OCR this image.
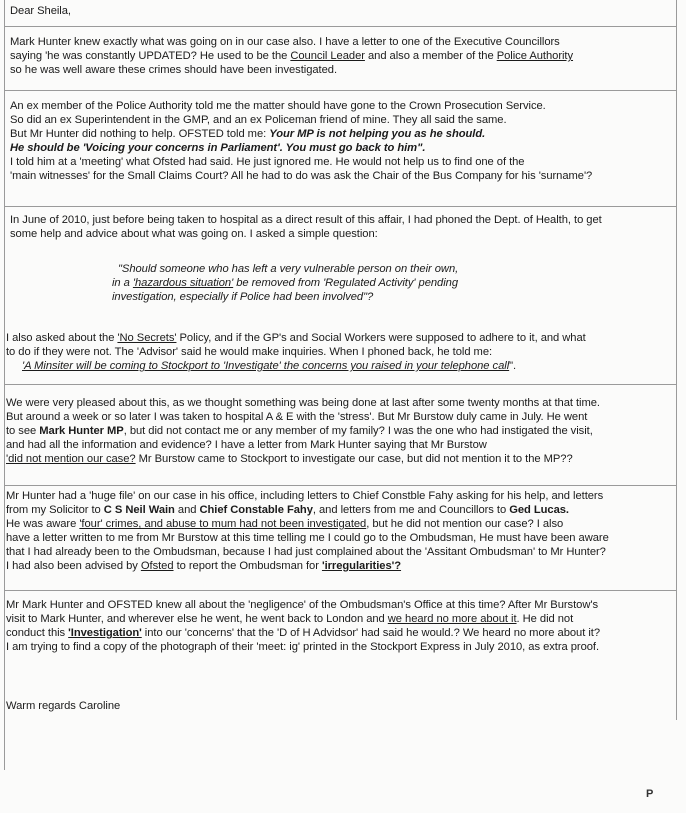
Dear Sheila,
Mark Hunter knew exactly what was going on in our case also. I have a letter to one of the Executive Councillors
saying 'he was constantly UPDATED? He used to be the Council Leader and also a member of the Police Authority
so he was well aware these crimes should have been investigated.
An ex member of the Police Authority told me the matter should have gone to the Crown Prosecution Service.
So did an ex Superintendent in the GMP, and an ex Policeman friend of mine. They all said the same.
But Mr Hunter did nothing to help. OFSTED told me: Your MP is not helping you as he should.
He should be 'Voicing your concerns in Parliament'. You must go back to him".
I told him at a 'meeting' what Ofsted had said. He just ignored me. He would not help us to find one of the
'main witnesses' for the Small Claims Court? All he had to do was ask the Chair of the Bus Company for his 'surname'?
In June of 2010, just before being taken to hospital as a direct result of this affair, I had phoned the Dept. of Health, to get
some help and advice about what was going on. I asked a simple question:
"Should someone who has left a very vulnerable person on their own,
in a 'hazardous situation' be removed from 'Regulated Activity' pending
investigation, especially if Police had been involved"?
I also asked about the 'No Secrets' Policy, and if the GP's and Social Workers were supposed to adhere to it, and what
to do if they were not. The 'Advisor' said he would make inquiries. When I phoned back, he told me:
'A Minsiter will be coming to Stockport to 'Investigate' the concerns you raised in your telephone call".
We were very pleased about this, as we thought something was being done at last after some twenty months at that time.
But around a week or so later I was taken to hospital A & E with the 'stress'. But Mr Burstow duly came in July. He went
to see Mark Hunter MP, but did not contact me or any member of my family? I was the one who had instigated the visit,
and had all the information and evidence? I have a letter from Mark Hunter saying that Mr Burstow
'did not mention our case? Mr Burstow came to Stockport to investigate our case, but did not mention it to the MP??
Mr Hunter had a 'huge file' on our case in his office, including letters to Chief Constble Fahy asking for his help, and letters
from my Solicitor to C S Neil Wain and Chief Constable Fahy, and letters from me and Councillors to Ged Lucas.
He was aware 'four' crimes, and abuse to mum had not been investigated, but he did not mention our case? I also
have a letter written to me from Mr Burstow at this time telling me I could go to the Ombudsman, He must have been aware
that I had already been to the Ombudsman, because I had just complained about the 'Assitant Ombudsman' to Mr Hunter?
I had also been advised by Ofsted to report the Ombudsman for 'irregularities'?
Mr Mark Hunter and OFSTED knew all about the 'negligence' of the Ombudsman's Office at this time? After Mr Burstow's
visit to Mark Hunter, and wherever else he went, he went back to London and we heard no more about it. He did not
conduct this 'Investigation' into our 'concerns' that the 'D of H Advidsor' had said he would.? We heard no more about it?
I am trying to find a copy of the photograph of their 'meet: ig' printed in the Stockport Express in July 2010, as extra proof.
Warm regards Caroline
P
